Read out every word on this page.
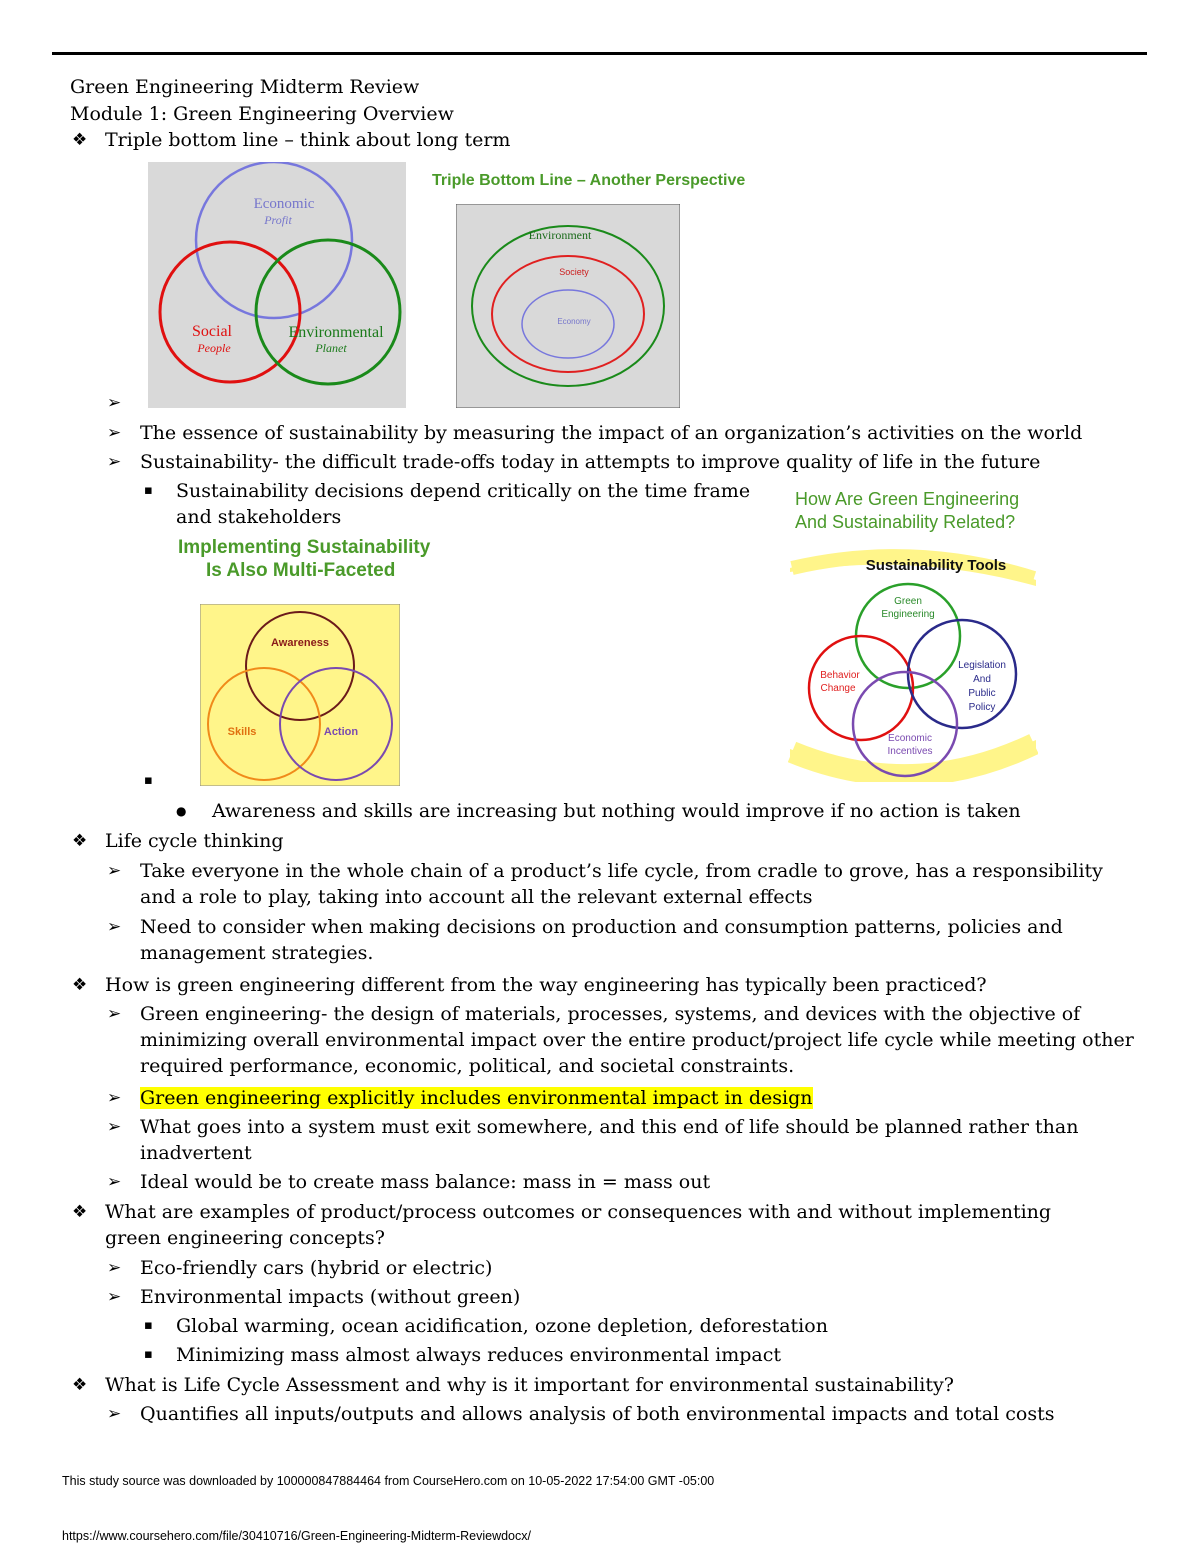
Green Engineering Midterm Review
Module 1: Green Engineering Overview
❖ Triple bottom line – think about long term
Economic
Profit
Social
People
Environmental
Planet
Triple Bottom Line – Another Perspective
Environment
Society
Economy
➢
➢ The essence of sustainability by measuring the impact of an organization’s activities on the world
➢ Sustainability- the difficult trade-offs today in attempts to improve quality of life in the future
▪ Sustainability decisions depend critically on the time frame and stakeholders
Implementing Sustainability
Is Also Multi-Faceted
Awareness
Skills	Action
How Are Green Engineering
And Sustainability Related?
Sustainability Tools
Green
Engineering
Behavior
Change
Legislation
And
Public
Policy
Economic
Incentives
▪
● Awareness and skills are increasing but nothing would improve if no action is taken
❖ Life cycle thinking
➢ Take everyone in the whole chain of a product’s life cycle, from cradle to grove, has a responsibility and a role to play, taking into account all the relevant external effects
➢ Need to consider when making decisions on production and consumption patterns, policies and management strategies.
❖ How is green engineering different from the way engineering has typically been practiced?
➢ Green engineering- the design of materials, processes, systems, and devices with the objective of minimizing overall environmental impact over the entire product/project life cycle while meeting other required performance, economic, political, and societal constraints.
➢ Green engineering explicitly includes environmental impact in design
➢ What goes into a system must exit somewhere, and this end of life should be planned rather than inadvertent
➢ Ideal would be to create mass balance: mass in = mass out
❖ What are examples of product/process outcomes or consequences with and without implementing green engineering concepts?
➢ Eco-friendly cars (hybrid or electric)
➢ Environmental impacts (without green)
▪ Global warming, ocean acidification, ozone depletion, deforestation
▪ Minimizing mass almost always reduces environmental impact
❖ What is Life Cycle Assessment and why is it important for environmental sustainability?
➢ Quantifies all inputs/outputs and allows analysis of both environmental impacts and total costs
This study source was downloaded by 100000847884464 from CourseHero.com on 10-05-2022 17:54:00 GMT -05:00
https://www.coursehero.com/file/30410716/Green-Engineering-Midterm-Reviewdocx/
